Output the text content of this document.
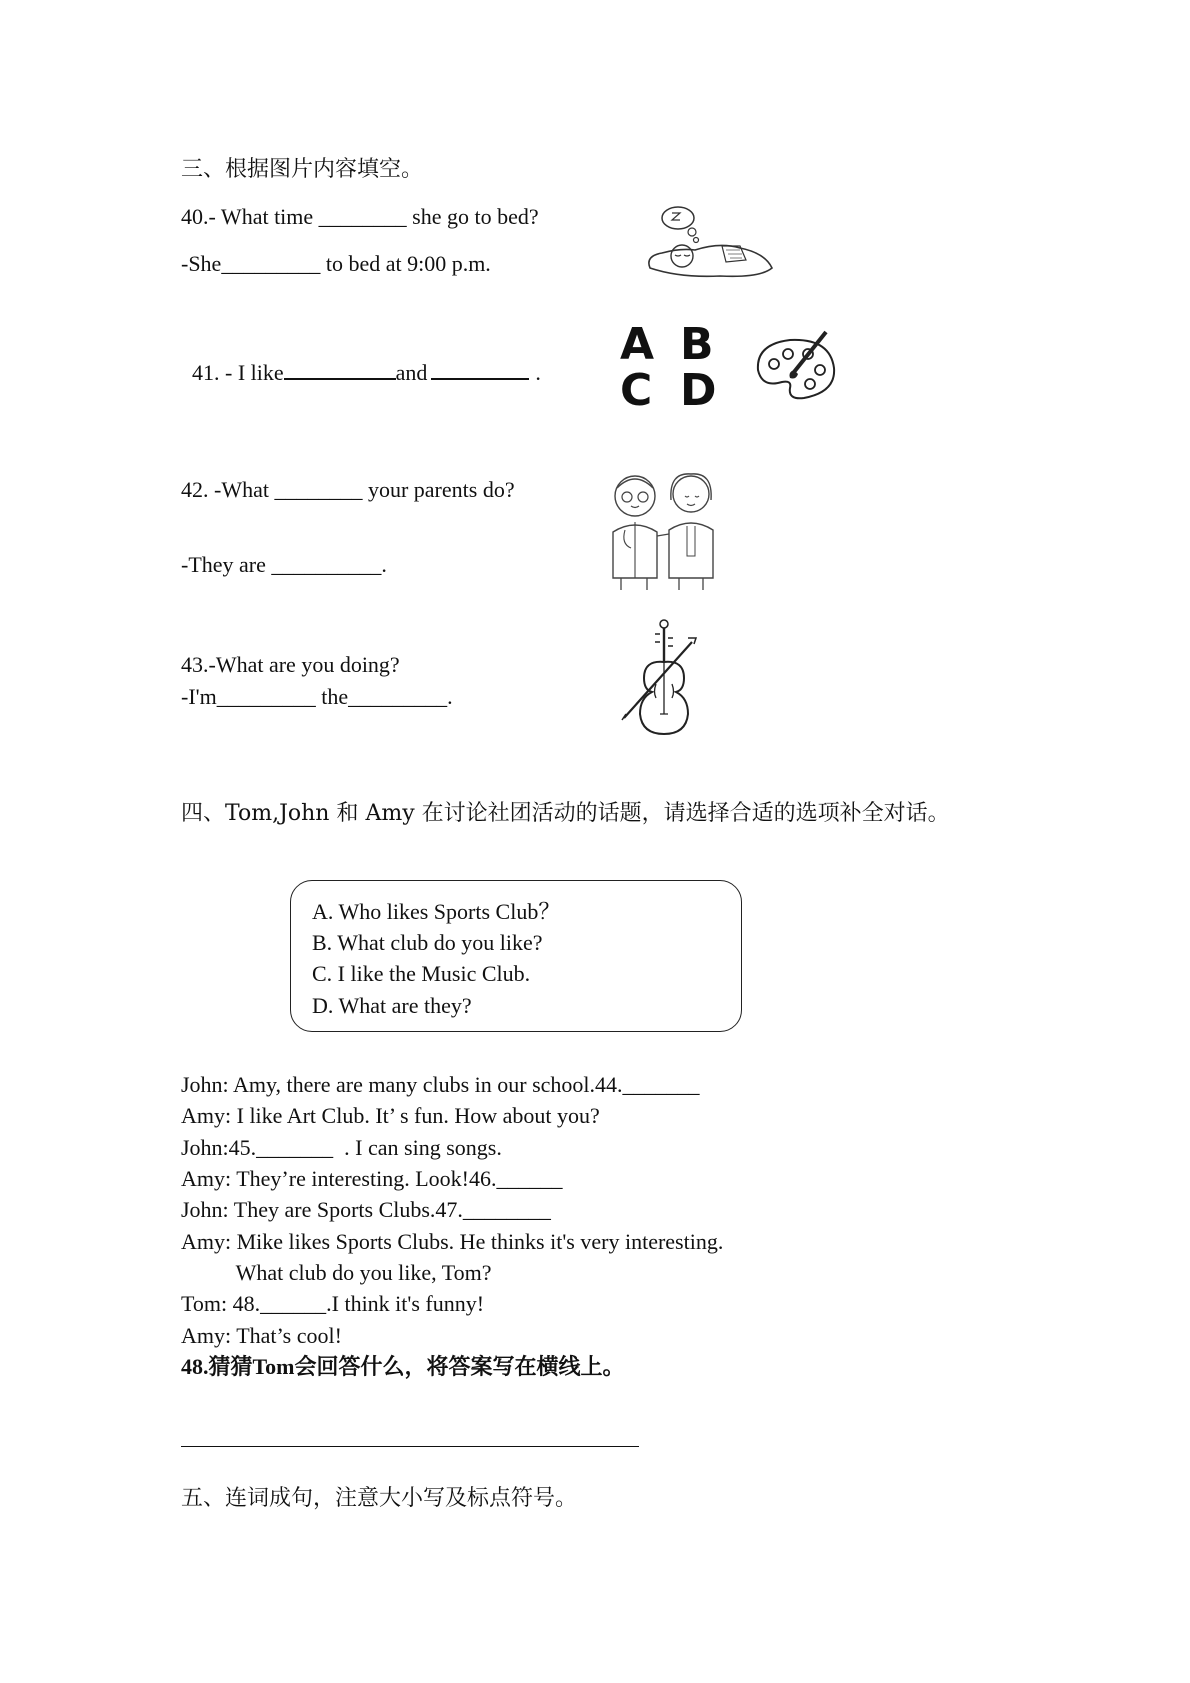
三、根据图片内容填空。
40.- What time ________ she go to bed?
-She_________ to bed at 9:00 p.m.

41. - I like	and	.

A B
C D
42. -What ________ your parents do?
-They are __________.
43.-What are you doing?
-I'm_________ the_________.
四、Tom,John 和 Amy 在讨论社团活动的话题，请选择合适的选项补全对话。
A. Who likes Sports Club？
B. What club do you like?
C. I like the Music Club.
D. What are they?
John: Amy, there are many clubs in our school.44._______
Amy: I like Art Club. It’ s fun. How about you?
John:45._______  . I can sing songs.
Amy: They’re interesting. Look!46.______
John: They are Sports Clubs.47.________
Amy: Mike likes Sports Clubs. He thinks it's very interesting.
What club do you like, Tom?
Tom: 48.______.I think it's funny!
Amy: That’s cool!
48.猜猜Tom会回答什么，将答案写在横线上。
五、连词成句，注意大小写及标点符号。
